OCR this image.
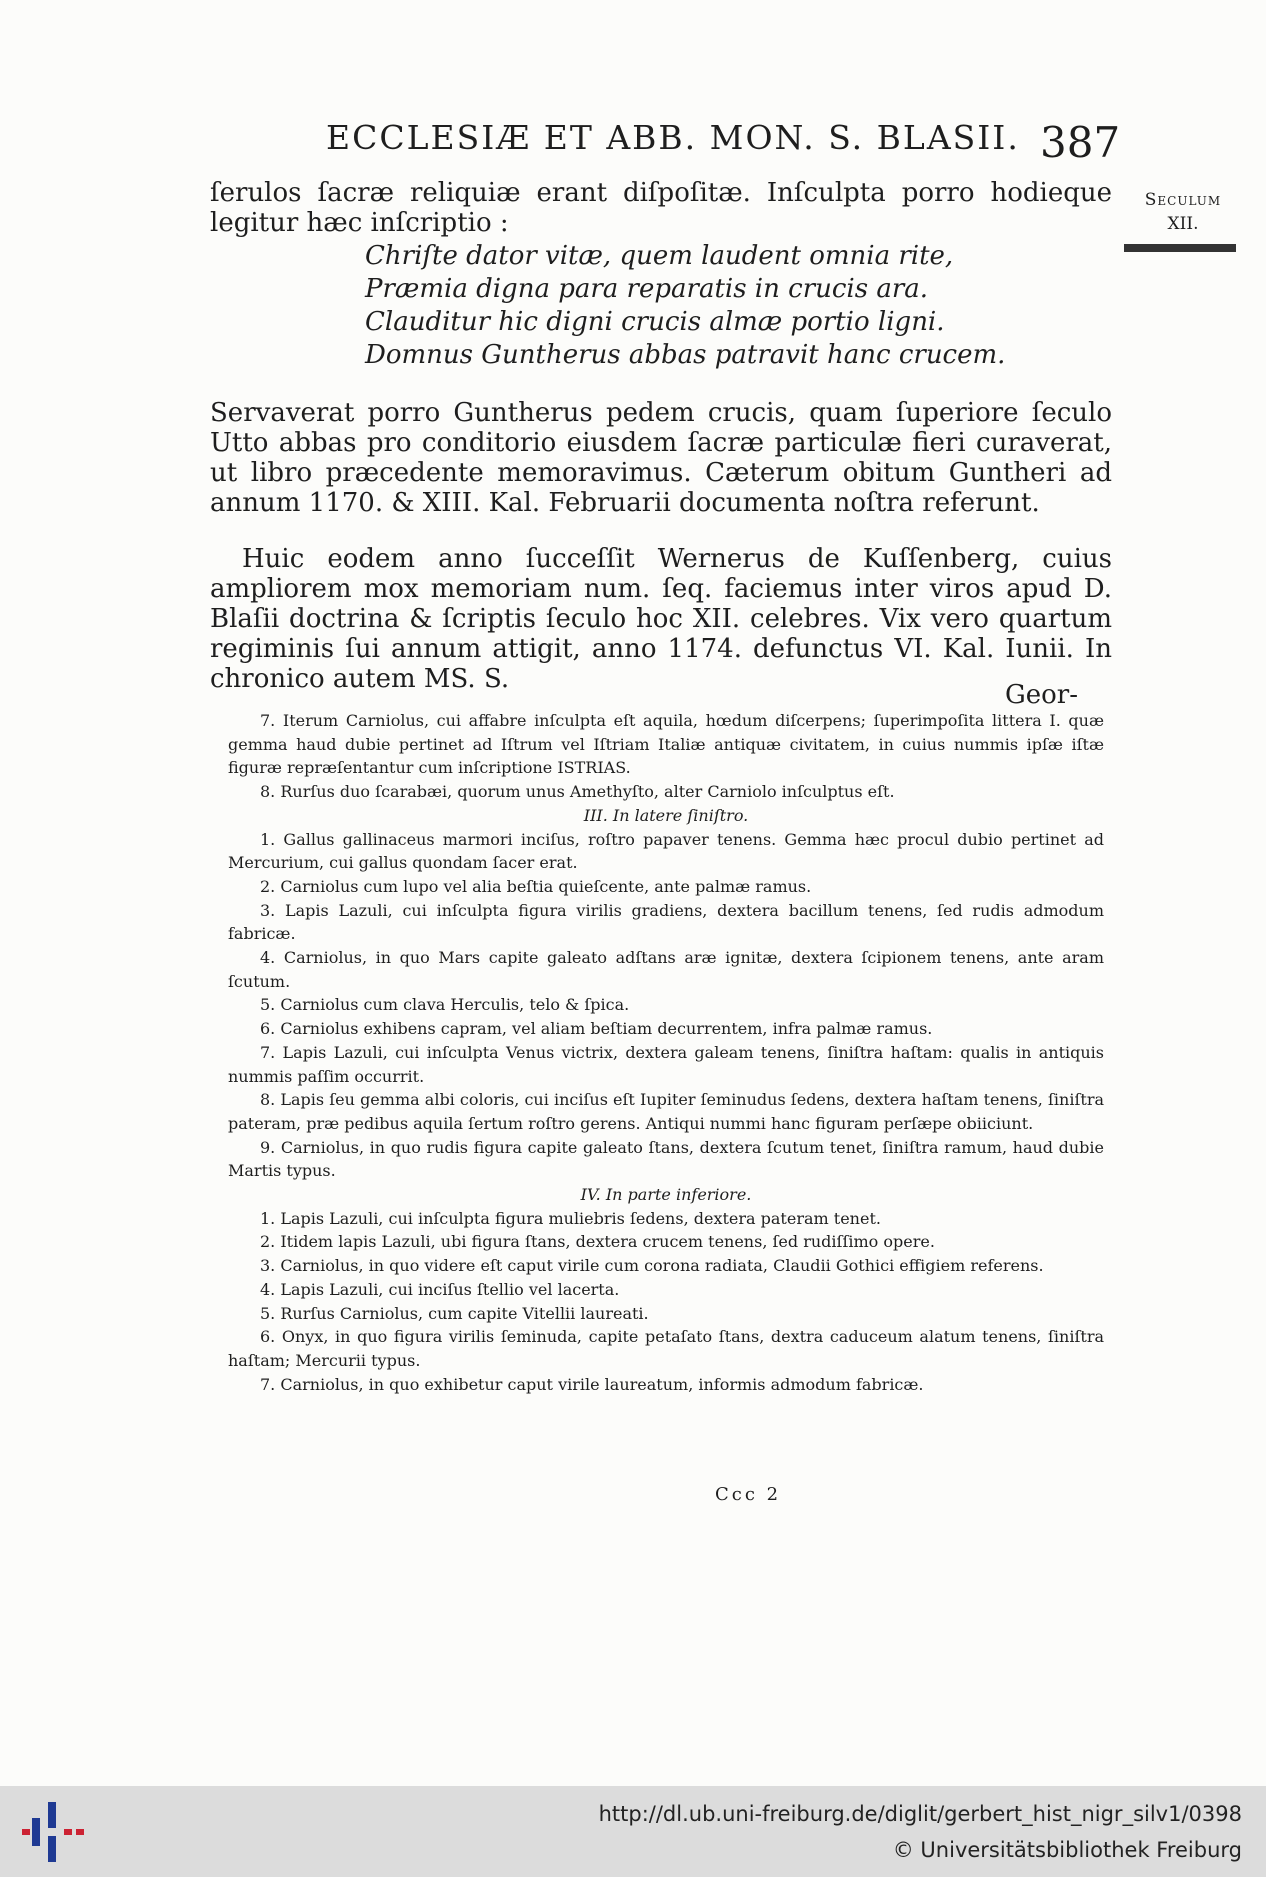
ECCLESIÆ ET ABB. MON. S. BLASII. 387
Seculum
XII.

ſerulos ſacræ reliquiæ erant diſpoſitæ. Inſculpta porro hodieque legitur hæc inſcriptio :

Chriſte dator vitæ, quem laudent omnia rite,
Præmia digna para reparatis in crucis ara.
Clauditur hic digni crucis almæ portio ligni.
Domnus Guntherus abbas patravit hanc crucem.

Servaverat porro Guntherus pedem crucis, quam ſuperiore ſeculo Utto abbas pro conditorio eiusdem ſacræ particulæ fieri curaverat, ut libro præcedente memoravimus. Cæterum obitum Guntheri ad annum 1170. & XIII. Kal. Februarii documenta noſtra referunt.

Huic eodem anno ſucceſſit Wernerus de Kuſſenberg, cuius ampliorem mox memoriam num. ſeq. faciemus inter viros apud D. Blaſii doctrina & ſcriptis ſeculo hoc XII. celebres. Vix vero quartum regiminis ſui annum attigit, anno 1174. defunctus VI. Kal. Iunii. In chronico autem MS. S.

Geor-

7. Iterum Carniolus, cui affabre inſculpta eſt aquila, hœdum diſcerpens; ſuperimpoſita littera I. quæ gemma haud dubie pertinet ad Iſtrum vel Iſtriam Italiæ antiquæ civitatem, in cuius nummis ipſæ iſtæ figuræ repræſentantur cum inſcriptione ISTRIAS.

8. Rurſus duo ſcarabæi, quorum unus Amethyſto, alter Carniolo inſculptus eſt.

III. In latere ſiniſtro.

1. Gallus gallinaceus marmori inciſus, roſtro papaver tenens. Gemma hæc procul dubio pertinet ad Mercurium, cui gallus quondam ſacer erat.

2. Carniolus cum lupo vel alia beſtia quieſcente, ante palmæ ramus.

3. Lapis Lazuli, cui inſculpta figura virilis gradiens, dextera bacillum tenens, ſed rudis admodum fabricæ.

4. Carniolus, in quo Mars capite galeato adſtans aræ ignitæ, dextera ſcipionem tenens, ante aram ſcutum.

5. Carniolus cum clava Herculis, telo & ſpica.

6. Carniolus exhibens capram, vel aliam beſtiam decurrentem, infra palmæ ramus.

7. Lapis Lazuli, cui inſculpta Venus victrix, dextera galeam tenens, ſiniſtra haſtam: qualis in antiquis nummis paſſim occurrit.

8. Lapis ſeu gemma albi coloris, cui inciſus eſt Iupiter ſeminudus ſedens, dextera haſtam tenens, ſiniſtra pateram, præ pedibus aquila ſertum roſtro gerens. Antiqui nummi hanc figuram perſæpe obiiciunt.

9. Carniolus, in quo rudis figura capite galeato ſtans, dextera ſcutum tenet, ſiniſtra ramum, haud dubie Martis typus.

IV. In parte inferiore.

1. Lapis Lazuli, cui inſculpta figura muliebris ſedens, dextera pateram tenet.

2. Itidem lapis Lazuli, ubi figura ſtans, dextera crucem tenens, ſed rudiſſimo opere.

3. Carniolus, in quo videre eſt caput virile cum corona radiata, Claudii Gothici effigiem referens.

4. Lapis Lazuli, cui inciſus ſtellio vel lacerta.

5. Rurſus Carniolus, cum capite Vitellii laureati.

6. Onyx, in quo figura virilis ſeminuda, capite petaſato ſtans, dextra caduceum alatum tenens, ſiniſtra haſtam; Mercurii typus.

7. Carniolus, in quo exhibetur caput virile laureatum, informis admodum fabricæ.

Ccc 2
http://dl.ub.uni-freiburg.de/diglit/gerbert_hist_nigr_silv1/0398
© Universitätsbibliothek Freiburg
